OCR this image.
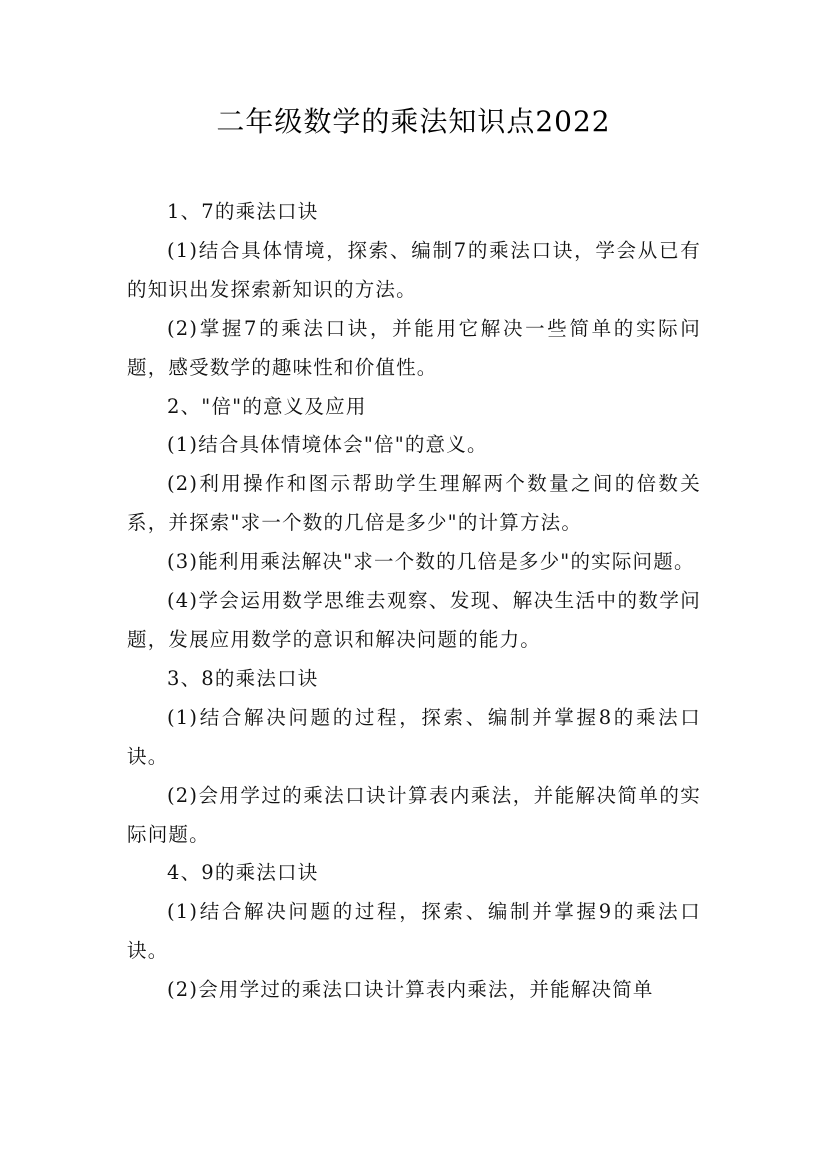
二年级数学的乘法知识点2022

1、7的乘法口诀

(1)结合具体情境，探索、编制7的乘法口诀，学会从已有的知识出发探索新知识的方法。

(2)掌握7的乘法口诀，并能用它解决一些简单的实际问题，感受数学的趣味性和价值性。

2、"倍"的意义及应用

(1)结合具体情境体会"倍"的意义。

(2)利用操作和图示帮助学生理解两个数量之间的倍数关系，并探索"求一个数的几倍是多少"的计算方法。

(3)能利用乘法解决"求一个数的几倍是多少"的实际问题。

(4)学会运用数学思维去观察、发现、解决生活中的数学问题，发展应用数学的意识和解决问题的能力。

3、8的乘法口诀

(1)结合解决问题的过程，探索、编制并掌握8的乘法口诀。

(2)会用学过的乘法口诀计算表内乘法，并能解决简单的实际问题。

4、9的乘法口诀

(1)结合解决问题的过程，探索、编制并掌握9的乘法口诀。

(2)会用学过的乘法口诀计算表内乘法，并能解决简单
